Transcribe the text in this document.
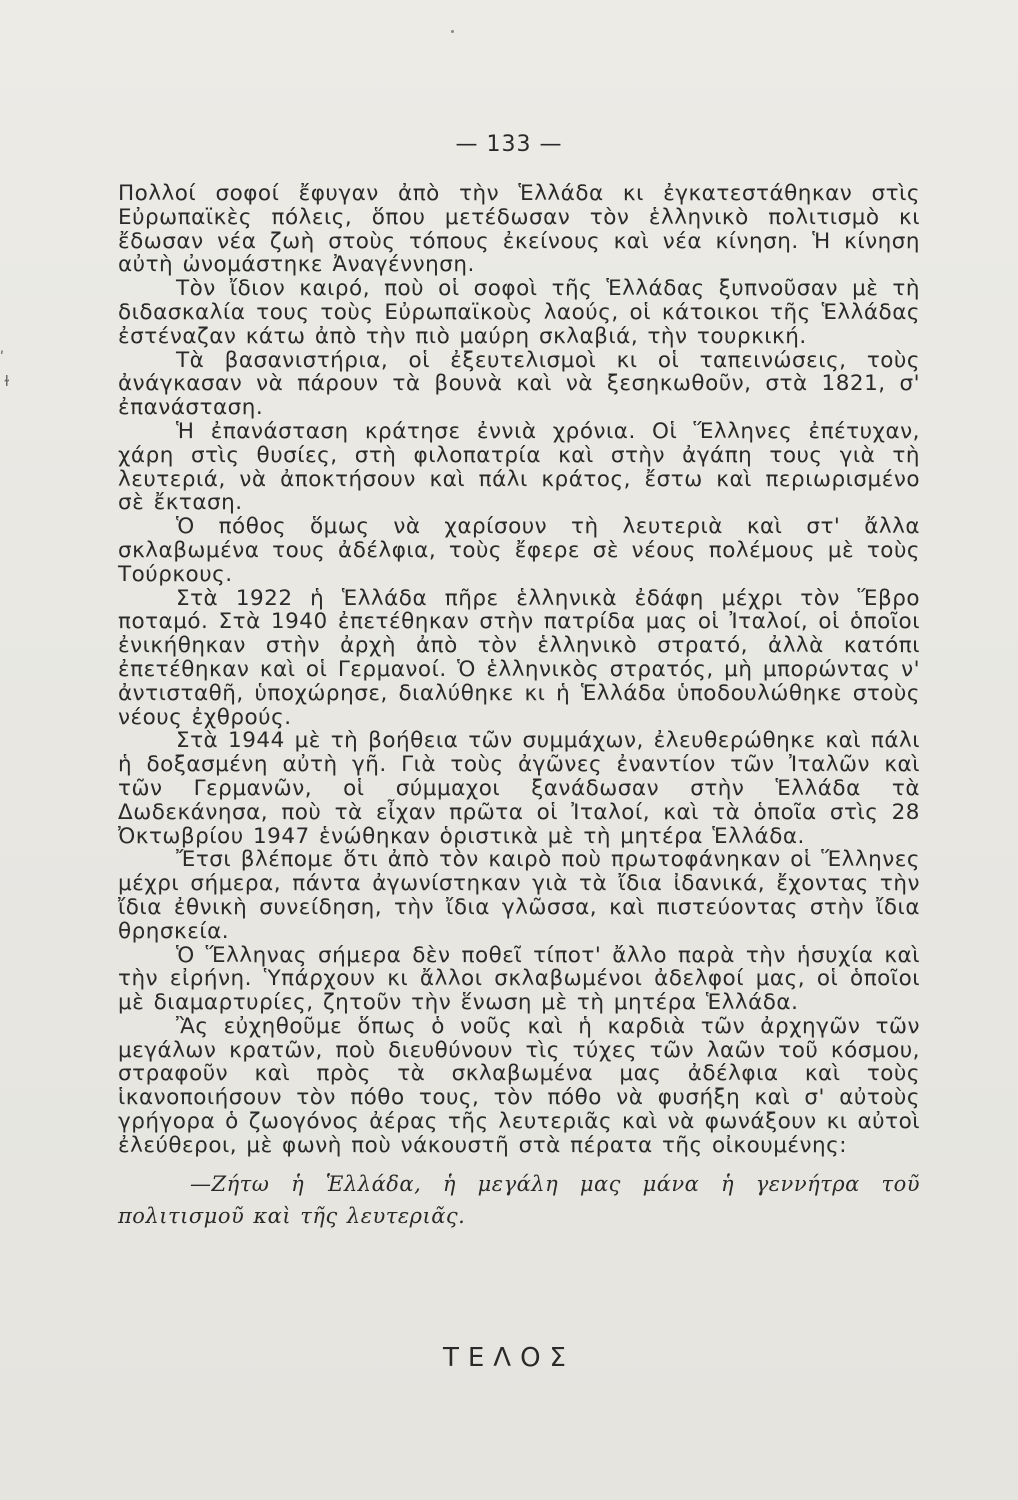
— 133 —

Πολλοί σοφοί ἔφυγαν ἀπὸ τὴν Ἑλλάδα κι ἐγκατεστάθηκαν στὶς Εὐρωπαϊκὲς πόλεις, ὅπου μετέδωσαν τὸν ἑλληνικὸ πολιτισμὸ κι ἔδωσαν νέα ζωὴ στοὺς τόπους ἐκείνους καὶ νέα κίνηση. Ἡ κίνηση αὐτὴ ὠνομάστηκε Ἀναγέννηση.

Τὸν ἴδιον καιρό, ποὺ οἱ σοφοὶ τῆς Ἑλλάδας ξυπνοῦσαν μὲ τὴ διδασκαλία τους τοὺς Εὐρωπαϊκοὺς λαούς, οἱ κάτοικοι τῆς Ἑλλάδας ἐστέναζαν κάτω ἀπὸ τὴν πιὸ μαύρη σκλαβιά, τὴν τουρκική.

Τὰ βασανιστήρια, οἱ ἐξευτελισμοὶ κι οἱ ταπεινώσεις, τοὺς ἀνάγκασαν νὰ πάρουν τὰ βουνὰ καὶ νὰ ξεσηκωθοῦν, στὰ 1821, σ' ἐπανάσταση.

Ἡ ἐπανάσταση κράτησε ἐννιὰ χρόνια. Οἱ Ἕλληνες ἐπέτυχαν, χάρη στὶς θυσίες, στὴ φιλοπατρία καὶ στὴν ἀγάπη τους γιὰ τὴ λευτεριά, νὰ ἀποκτήσουν καὶ πάλι κράτος, ἔστω καὶ περιωρισμένο σὲ ἔκταση.

Ὁ πόθος ὅμως νὰ χαρίσουν τὴ λευτεριὰ καὶ στ' ἄλλα σκλαβωμένα τους ἀδέλφια, τοὺς ἔφερε σὲ νέους πολέμους μὲ τοὺς Τούρκους.

Στὰ 1922 ἡ Ἑλλάδα πῆρε ἑλληνικὰ ἐδάφη μέχρι τὸν Ἕβρο ποταμό. Στὰ 1940 ἐπετέθηκαν στὴν πατρίδα μας οἱ Ἰταλοί, οἱ ὁποῖοι ἐνικήθηκαν στὴν ἀρχὴ ἀπὸ τὸν ἑλληνικὸ στρατό, ἀλλὰ κατόπι ἐπετέθηκαν καὶ οἱ Γερμανοί. Ὁ ἑλληνικὸς στρατός, μὴ μπορώντας ν' ἀντισταθῆ, ὑποχώρησε, διαλύθηκε κι ἡ Ἑλλάδα ὑποδουλώθηκε στοὺς νέους ἐχθρούς.

Στὰ 1944 μὲ τὴ βοήθεια τῶν συμμάχων, ἐλευθερώθηκε καὶ πάλι ἡ δοξασμένη αὐτὴ γῆ. Γιὰ τοὺς ἀγῶνες ἐναντίον τῶν Ἰταλῶν καὶ τῶν Γερμανῶν, οἱ σύμμαχοι ξανάδωσαν στὴν Ἑλλάδα τὰ Δωδεκάνησα, ποὺ τὰ εἶχαν πρῶτα οἱ Ἰταλοί, καὶ τὰ ὁποῖα στὶς 28 Ὀκτωβρίου 1947 ἑνώθηκαν ὁριστικὰ μὲ τὴ μητέρα Ἑλλάδα.

Ἔτσι βλέπομε ὅτι ἀπὸ τὸν καιρὸ ποὺ πρωτοφάνηκαν οἱ Ἕλληνες μέχρι σήμερα, πάντα ἀγωνίστηκαν γιὰ τὰ ἴδια ἰδανικά, ἔχοντας τὴν ἴδια ἐθνικὴ συνείδηση, τὴν ἴδια γλῶσσα, καὶ πιστεύοντας στὴν ἴδια θρησκεία.

Ὁ Ἕλληνας σήμερα δὲν ποθεῖ τίποτ' ἄλλο παρὰ τὴν ἡσυχία καὶ τὴν εἰρήνη. Ὑπάρχουν κι ἄλλοι σκλαβωμένοι ἀδελφοί μας, οἱ ὁποῖοι μὲ διαμαρτυρίες, ζητοῦν τὴν ἕνωση μὲ τὴ μητέρα Ἑλλάδα.

Ἂς εὐχηθοῦμε ὅπως ὁ νοῦς καὶ ἡ καρδιὰ τῶν ἀρχηγῶν τῶν μεγάλων κρατῶν, ποὺ διευθύνουν τὶς τύχες τῶν λαῶν τοῦ κόσμου, στραφοῦν καὶ πρὸς τὰ σκλαβωμένα μας ἀδέλφια καὶ τοὺς ἱκανοποιήσουν τὸν πόθο τους, τὸν πόθο νὰ φυσήξη καὶ σ' αὐτοὺς γρήγορα ὁ ζωογόνος ἀέρας τῆς λευτεριᾶς καὶ νὰ φωνάξουν κι αὐτοὶ ἐλεύθεροι, μὲ φωνὴ ποὺ νάκουστῆ στὰ πέρατα τῆς οἰκουμένης:

—Ζήτω ἡ Ἑλλάδα, ἡ μεγάλη μας μάνα ἡ γεννήτρα τοῦ πολιτισμοῦ καὶ τῆς λευτεριᾶς.

ΤΕΛΟΣ
ʹ
ɫ
